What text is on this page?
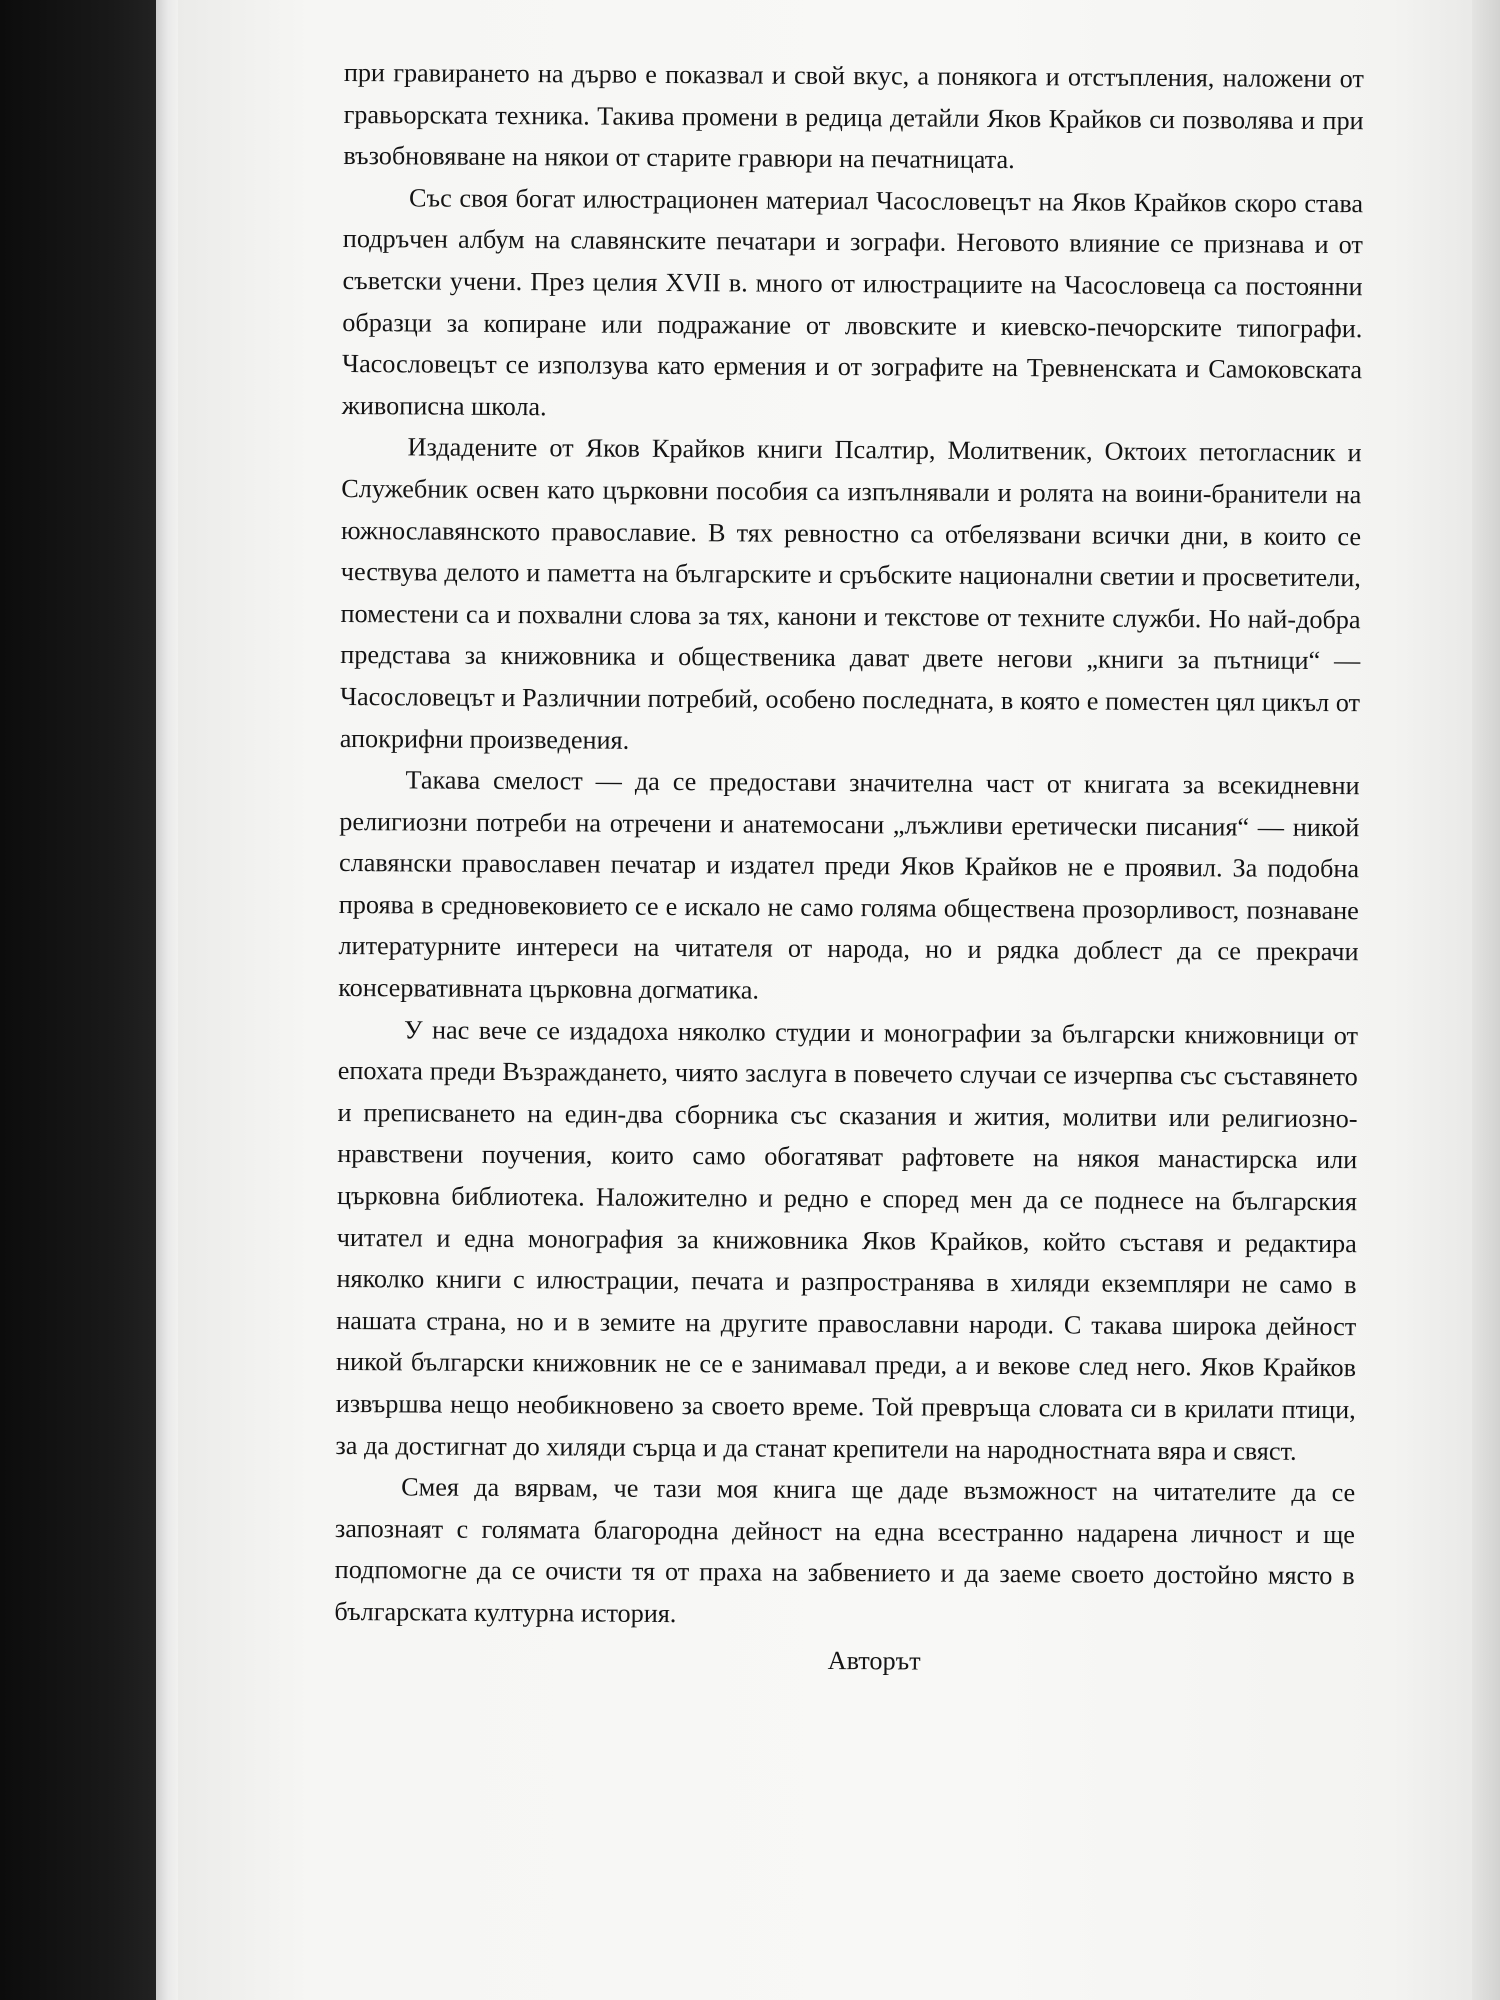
при гравирането на дърво е показвал и свой вкус, а понякога и отстъпления, наложени от гравьорската техника. Такива промени в редица детайли Яков Крайков си позволява и при възобновяване на някои от старите гравюри на печатницата.

Със своя богат илюстрационен материал Часословецът на Яков Крайков скоро става подръчен албум на славянските печатари и зографи. Неговото влияние се признава и от съветски учени. През целия XVII в. много от илюстрациите на Часословеца са постоянни образци за копиране или подражание от лвовските и киевско-печорските типографи. Часословецът се използува като ермения и от зографите на Тревненската и Самоковската живописна школа.

Издадените от Яков Крайков книги Псалтир, Молитвеник, Октоих петогласник и Служебник освен като църковни пособия са изпълнявали и ролята на воини-бранители на южнославянското православие. В тях ревностно са отбелязвани всички дни, в които се чествува делото и паметта на българските и сръбските национални светии и просветители, поместени са и похвални слова за тях, канони и текстове от техните служби. Но най-добра представа за книжовника и общественика дават двете негови „книги за пътници“ — Часословецът и Различнии потребий, особено последната, в която е поместен цял цикъл от апокрифни произведения.

Такава смелост — да се предостави значителна част от книгата за всекидневни религиозни потреби на отречени и анатемосани „лъжливи еретически писания“ — никой славянски православен печатар и издател преди Яков Крайков не е проявил. За подобна проява в средновековието се е искало не само голяма обществена прозорливост, познаване литературните интереси на читателя от народа, но и рядка доблест да се прекрачи консервативната църковна догматика.

У нас вече се издадоха няколко студии и монографии за български книжовници от епохата преди Възраждането, чиято заслуга в повечето случаи се изчерпва със съставянето и преписването на един-два сборника със сказания и жития, молитви или религиозно-нравствени поучения, които само обогатяват рафтовете на някоя манастирска или църковна библиотека. Наложително и редно е според мен да се поднесе на българския читател и една монография за книжовника Яков Крайков, който съставя и редактира няколко книги с илюстрации, печата и разпространява в хиляди екземпляри не само в нашата страна, но и в земите на другите православни народи. С такава широка дейност никой български книжовник не се е занимавал преди, а и векове след него. Яков Крайков извършва нещо необикновено за своето време. Той превръща словата си в крилати птици, за да достигнат до хиляди сърца и да станат крепители на народностната вяра и свяст.

Смея да вярвам, че тази моя книга ще даде възможност на читателите да се запознаят с голямата благородна дейност на една всестранно надарена личност и ще подпомогне да се очисти тя от праха на забвението и да заеме своето достойно място в българската културна история.

Авторът
